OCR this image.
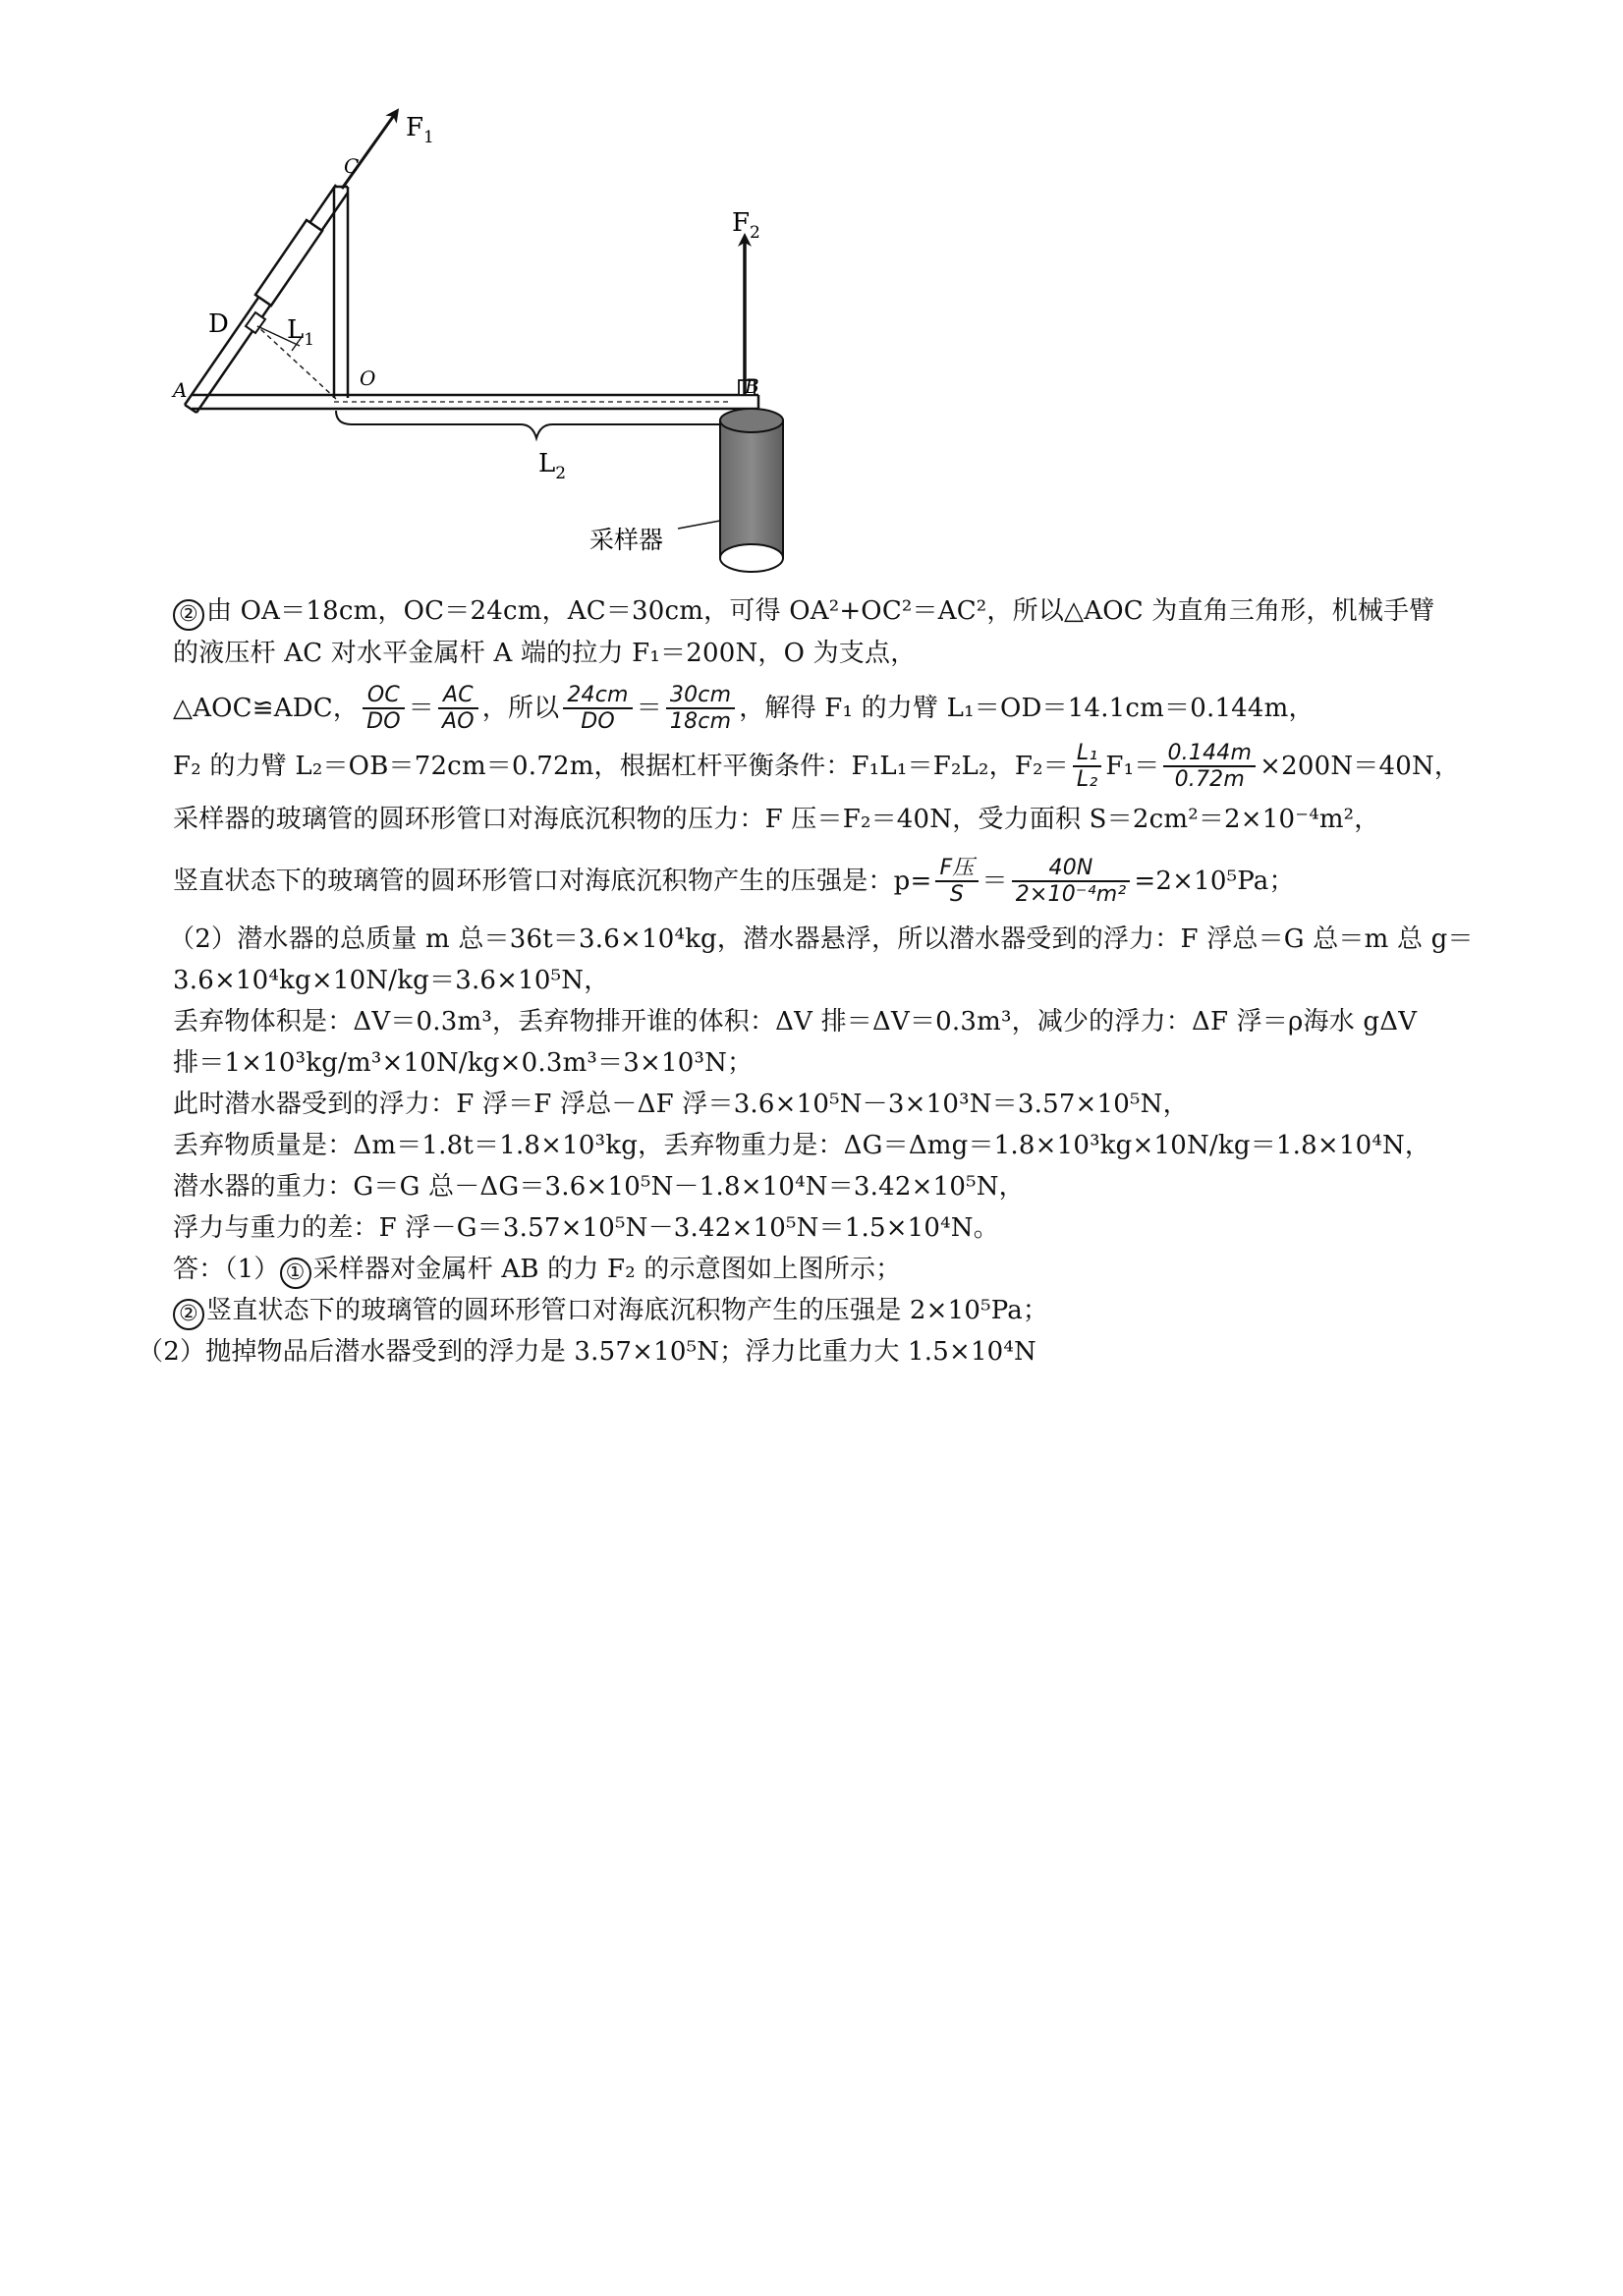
$F_1$
$F_2$
C
D
A	O	B
$L_1$
$L_2$
采样器
② 由 OA＝18cm，OC＝24cm，AC＝30cm，可得 OA²+OC²＝AC²，所以△AOC 为直角三角形，机械手臂
的液压杆 AC 对水平金属杆 A 端的拉力 F₁＝200N，O 为支点，
△AOC≌ADC， $\frac{OC}{DO} = \frac{AC}{AO}$ ，所以 $\frac{24cm}{DO} = \frac{30cm}{18cm}$ ，解得 F₁ 的力臂 L₁＝OD＝14.1cm＝0.144m，
F₂ 的力臂 L₂＝OB＝72cm＝0.72m，根据杠杆平衡条件：F₁L₁＝F₂L₂，$F_2= \frac{\text{L₁}}{\text{L₂}} F_1= \frac{0.144m}{0.72m} \times 200N=40N$，
采样器的玻璃管的圆环形管口对海底沉积物的压力：F 压＝F₂＝40N，受力面积 S＝2cm²＝2×10⁻⁴m²，
竖直状态下的玻璃管的圆环形管口对海底沉积物产生的压强是：$p= \frac{\text{F压}}{S} = \frac{40N}{\text{2×10⁻⁴m²}} =2\times 10^5Pa$；
（2）潜水器的总质量 m 总＝36t＝3.6×10⁴kg，潜水器悬浮，所以潜水器受到的浮力：F 浮总＝G 总＝m 总 g＝
3.6×10⁴kg×10N/kg＝3.6×10⁵N，
丢弃物体积是：ΔV＝0.3m³，丢弃物排开谁的体积：ΔV 排＝ΔV＝0.3m³，减少的浮力：ΔF 浮＝ρ海水 gΔV
排＝1×10³kg/m³×10N/kg×0.3m³＝3×10³N；
此时潜水器受到的浮力：F 浮＝F 浮总－ΔF 浮＝3.6×10⁵N－3×10³N＝3.57×10⁵N，
丢弃物质量是：Δm＝1.8t＝1.8×10³kg，丢弃物重力是：ΔG＝Δmg＝1.8×10³kg×10N/kg＝1.8×10⁴N，
潜水器的重力：G＝G 总－ΔG＝3.6×10⁵N－1.8×10⁴N＝3.42×10⁵N，
浮力与重力的差：F 浮－G＝3.57×10⁵N－3.42×10⁵N＝1.5×10⁴N。
答：（1） ① 采样器对金属杆 AB 的力 F₂ 的示意图如上图所示；
② 竖直状态下的玻璃管的圆环形管口对海底沉积物产生的压强是 2×10⁵Pa；
（2）抛掉物品后潜水器受到的浮力是 3.57×10⁵N；浮力比重力大 1.5×10⁴N
